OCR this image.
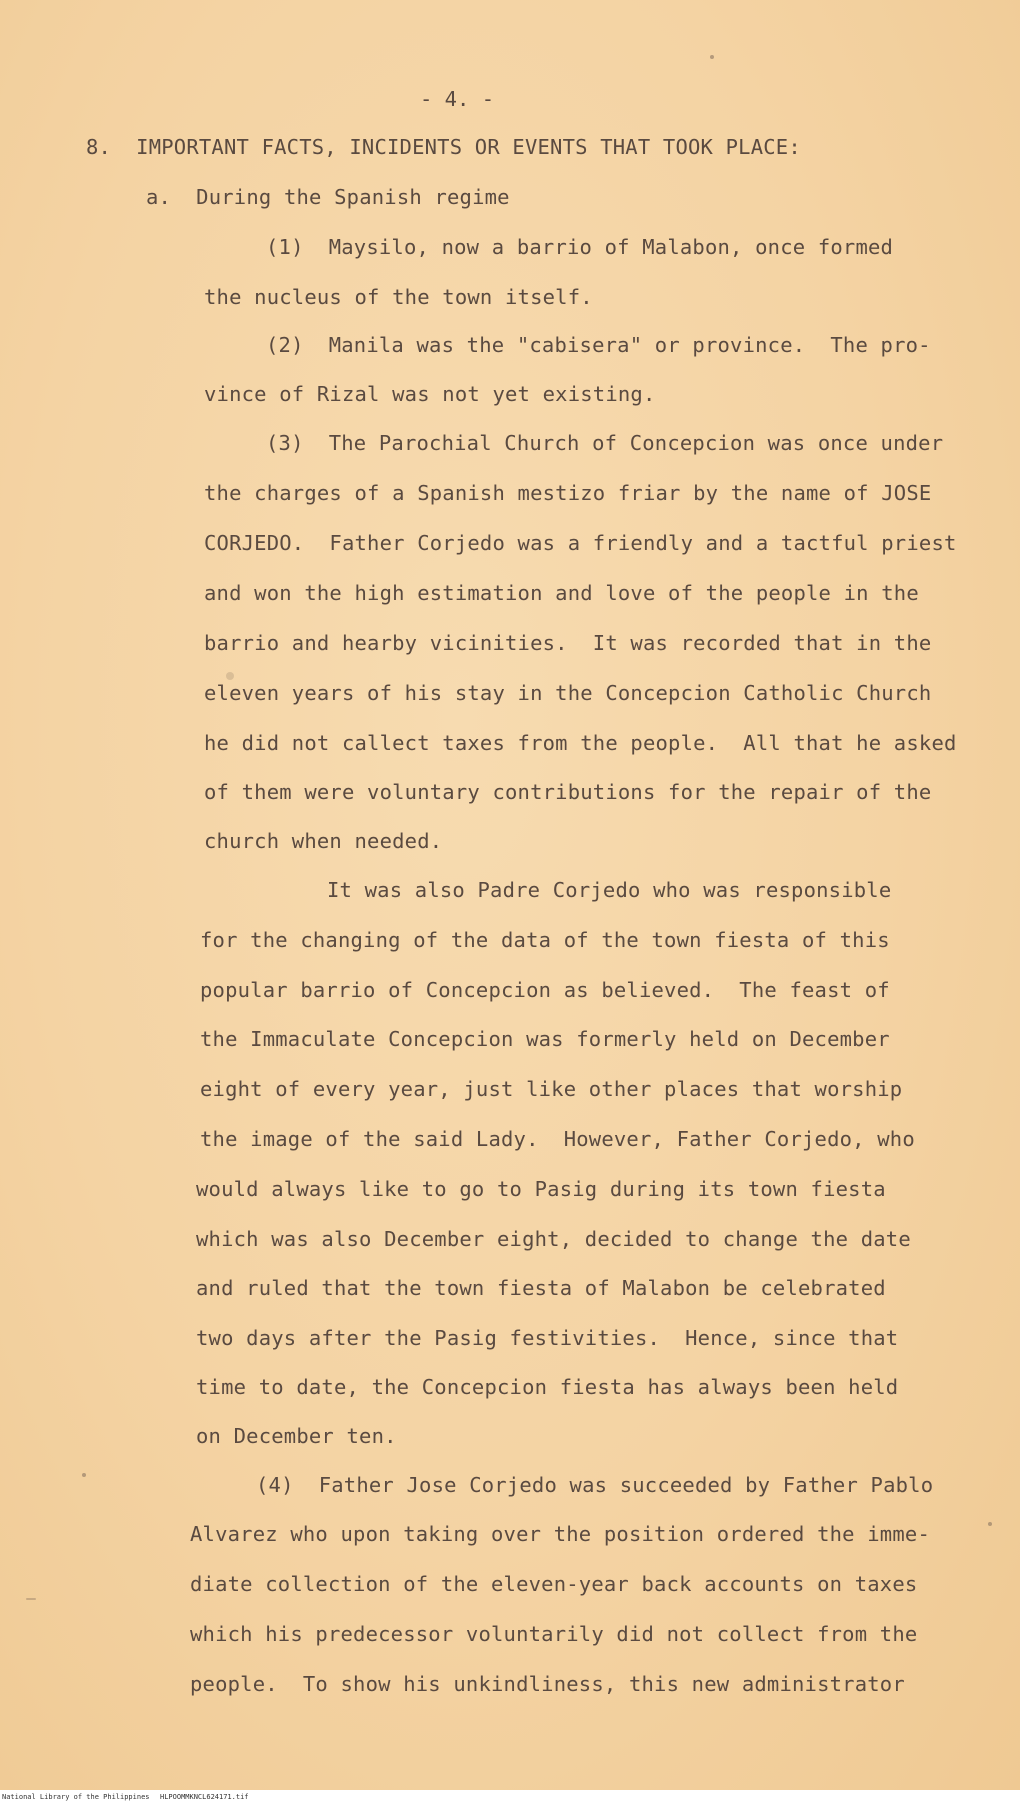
- 4. -
8.  IMPORTANT FACTS, INCIDENTS OR EVENTS THAT TOOK PLACE:
a.  During the Spanish regime
(1)  Maysilo, now a barrio of Malabon, once formed
the nucleus of the town itself.
(2)  Manila was the "cabisera" or province.  The pro-
vince of Rizal was not yet existing.
(3)  The Parochial Church of Concepcion was once under
the charges of a Spanish mestizo friar by the name of JOSE
CORJEDO.  Father Corjedo was a friendly and a tactful priest
and won the high estimation and love of the people in the
barrio and hearby vicinities.  It was recorded that in the
eleven years of his stay in the Concepcion Catholic Church
he did not callect taxes from the people.  All that he asked
of them were voluntary contributions for the repair of the
church when needed.
It was also Padre Corjedo who was responsible
for the changing of the data of the town fiesta of this
popular barrio of Concepcion as believed.  The feast of
the Immaculate Concepcion was formerly held on December
eight of every year, just like other places that worship
the image of the said Lady.  However, Father Corjedo, who
would always like to go to Pasig during its town fiesta
which was also December eight, decided to change the date
and ruled that the town fiesta of Malabon be celebrated
two days after the Pasig festivities.  Hence, since that
time to date, the Concepcion fiesta has always been held
on December ten.
(4)  Father Jose Corjedo was succeeded by Father Pablo
Alvarez who upon taking over the position ordered the imme-
diate collection of the eleven-year back accounts on taxes
which his predecessor voluntarily did not collect from the
people.  To show his unkindliness, this new administrator
National Library of the Philippines HLPOOMMKNCL624171.tif
